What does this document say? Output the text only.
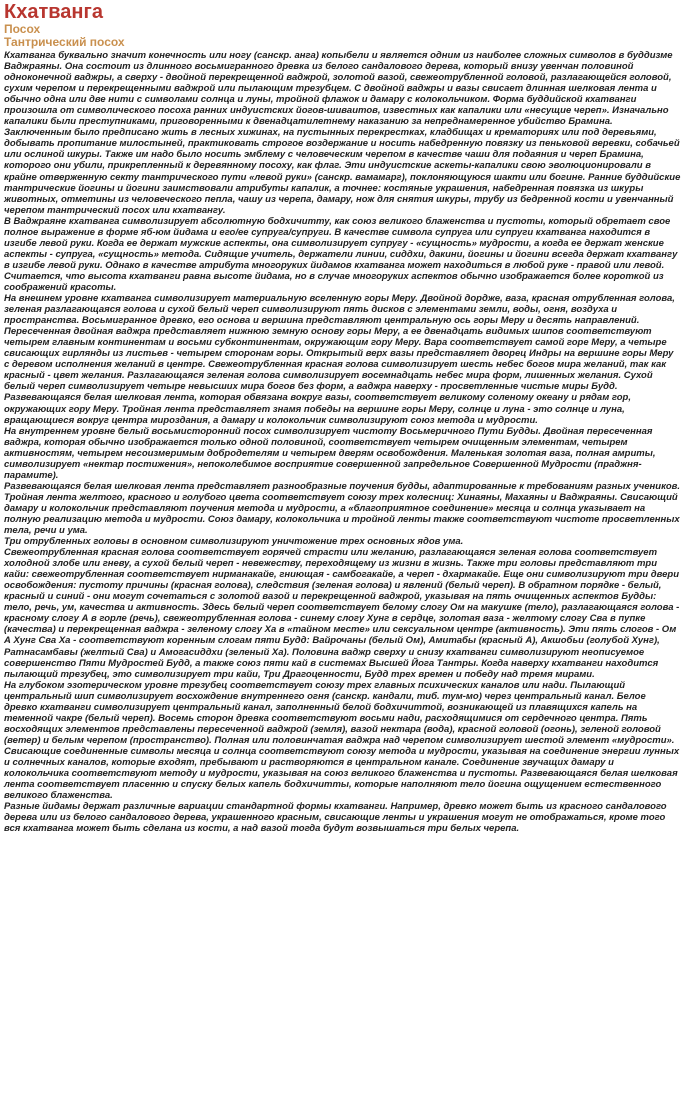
Кхатванга
Посох
Тантрический посох

Кхатванга буквально значит конечность или ногу (санскр. анга) копыбели и является одним из наиболее сложных символов в буддизме Ваджраяны. Она состоит из длинного восьмигранного древка из белого сандалового дерева, который внизу увенчан половиной одноконечной ваджры, а сверху - двойной перекрещенной ваджрой, золотой вазой, свежеотрубленной головой, разлагающейся головой, сухим черепом и перекрещенными ваджрой или пылающим трезубцем. С двойной ваджры и вазы свисает длинная шелковая лента и обычно одна или две нити с символами солнца и луны, тройной флажок и дамару с колокольчиком. Форма буддийской кхатванги произошла от символического посоха ранних индуистских йогов-шиваитов, известных как капалики или «несущие череп». Изначально капалики были преступниками, приговоренными к двенадцатилетнему наказанию за непреднамеренное убийство Брамина. Заключенным было предписано жить в лесных хижинах, на пустынных перекрестках, кладбищах и крематориях или под деревьями, добывать пропитание милостыней, практиковать строгое воздержание и носить набедренную повязку из пеньковой веревки, собачьей или ослиной шкуры. Также им надо было носить эмблему с человеческим черепом в качестве чаши для подаяния и череп Брамина, которого они убили, прикрепленный к деревянному посоху, как флаг. Эти индуистские аскеты-капалики свою эволюционировали в крайне отверженную секту тантрического пути «левой руки» (санскр. вамамарг), поклоняющуюся шакти или богине. Ранние буддийские тантрические йогины и йогини заимствовали атрибуты капалик, а точнее: костяные украшения, набедренная повязка из шкуры животных, отметины из человеческого пепла, чашу из черепа, дамару, нож для снятия шкуры, трубу из бедренной кости и увенчанный черепом тантрический посох или кхатвангу.

В Ваджраяне кхатванга символизирует абсолютную бодхичитту, как союз великого блаженства и пустоты, который обретает свое полное выражение в форме яб-юм йидама и его/ее супруга/супруги. В качестве символа супруга или супруги кхатванга находится в изгибе левой руки. Когда ее держат мужские аспекты, она символизирует супругу - «сущность» мудрости, а когда ее держат женские аспекты - супруга, «сущность» метода. Сидящие учитель, держатели линии, сиддхи, дакини, йогины и йогини всегда держат кхатвангу в изгибе левой руки. Однако в качестве атрибута многоруких йидамов кхатванга может находиться в любой руке - правой или левой. Считается, что высота кхатванги равна высоте йидама, но в случае многоруких аспектов обычно изображается более короткой из соображений красоты.

На внешнем уровне кхатванга символизирует материальную вселенную горы Меру. Двойной дордже, ваза, красная отрубленная голова, зеленая разлагающаяся голова и сухой белый череп символизируют пять дисков с элементами земли, воды, огня, воздуха и пространства. Восьмигранное древко, его основа и вершина представляют центральную ось горы Меру и десять направлений. Пересеченная двойная ваджра представляет нижнюю земную основу горы Меру, а ее двенадцать видимых шипов соответствуют четырем главным континентам и восьми субконтинентам, окружающим гору Меру. Вара соответствует самой горе Меру, а четыре свисающих гирлянды из листьев - четырем сторонам горы. Открытый верх вазы представляет дворец Индры на вершине горы Меру с деревом исполнения желаний в центре. Свежеотрубленная красная голова символизирует шесть небес богов мира желаний, так как красный - цвет желания. Разлагающаяся зеленая голова символизирует восемнадцать небес мира форм, лишенных желания. Сухой белый череп символизирует четыре невысших мира богов без форм, а ваджра наверху - просветленные чистые миры Будд. Развевающаяся белая шелковая лента, которая обвязана вокруг вазы, соответствует великому соленому океану и рядам гор, окружающих гору Меру. Тройная лента представляет знамя победы на вершине горы Меру, солнце и луна - это солнце и луна, вращающиеся вокруг центра мироздания, а дамару и колокольчик символизируют союз метода и мудрости.

На внутреннем уровне белый восьмисторонний посох символизирует чистоту Восьмеричного Пути Будды. Двойная пересеченная ваджра, которая обычно изображается только одной половиной, соответствует четырем очищенным элементам, четырем активностям, четырем несоизмеримым добродетелям и четырем дверям освобождения. Маленькая золотая ваза, полная амриты, символизирует «нектар постижения», непоколебимое восприятие совершенной запредельное Совершенной Мудрости (праджня-парамите).

Развевающаяся белая шелковая лента представляет разнообразные поучения будды, адаптированные к требованиям разных учеников. Тройная лента желтого, красного и голубого цвета соответствует союзу трех колесниц: Хинаяны, Махаяны и Ваджраяны. Свисающий дамару и колокольчик представляют поучения метода и мудрости, а «благоприятное соединение» месяца и солнца указывает на полную реализацию метода и мудрости. Союз дамару, колокольчика и тройной ленты также соответствуют чистоте просветленных тела, речи и ума.

Три отрубленных головы в основном символизируют уничтожение трех основных ядов ума.

Свежеотрубленная красная голова соответствует горячей страсти или желанию, разлагающаяся зеленая голова соответствует холодной злобе или гневу, а сухой белый череп - невежеству, переходящему из жизни в жизнь. Также три головы представляют три кайи: свежеотрубленная соответствует нирманакайе, гниющая - самбогакайе, а череп - дхармакайе. Еще они символизируют три двери освобождения: пустоту причины (красная голова), следствия (зеленая голова) и явлений (белый череп). В обратном порядке - белый, красный и синий - они могут сочетаться с золотой вазой и перекрещенной ваджрой, указывая на пять очищенных аспектов Будды: тело, речь, ум, качества и активность. Здесь белый череп соответствует белому слогу Ом на макушке (тело), разлагающаяся голова - красному слогу А в горле (речь), свежеотрубленная голова - синему слогу Хунг в сердце, золотая ваза - желтому слогу Сва в пупке (качества) и перекрещенная ваджра - зеленому слогу Ха в «тайном месте» или сексуальном центре (активность). Эти пять слогов - Ом А Хунг Сва Ха - соответствуют коренным слогам пяти Будд: Вайрочаны (белый Ом), Амитабы (красный А), Акшобьи (голубой Хунг), Ратнасамбавы (желтый Сва) и Амогасиддхи (зеленый Ха). Половина ваджр сверху и снизу кхатванги символизируют неописуемое совершенство Пяти Мудростей Будд, а также союз пяти кай в системах Высшей Йога Тантры. Когда наверху кхатванги находится пылающий трезубец, это символизирует три кайи, Три Драгоценности, Будд трех времен и победу над тремя мирами.

На глубоком эзотерическом уровне трезубец соответствует союзу трех главных психических каналов или нади. Пылающий центральный шип символизирует восхождение внутреннего огня (санскр. кандали, тиб. тум-мо) через центральный канал. Белое древко кхатванги символизирует центральный канал, заполненный белой бодхичиттой, возникающей из плавящихся капель на теменной чакре (белый череп). Восемь сторон древка соответствуют восьми нади, расходящимися от сердечного центра. Пять восходящих элементов представлены пересеченной ваджрой (земля), вазой нектара (вода), красной головой (огонь), зеленой головой (ветер) и белым черепом (пространство). Полная или половинчатая ваджра над черепом символизирует шестой элемент «мудрости». Свисающие соединенные символы месяца и солнца соответствуют союзу метода и мудрости, указывая на соединение энергии лунных и солнечных каналов, которые входят, пребывают и растворяются в центральном канале. Соединение звучащих дамару и колокольчика соответствуют методу и мудрости, указывая на союз великого блаженства и пустоты. Развевающаяся белая шелковая лента соответствует пласенню и спуску белых капель бодхичитты, которые наполняют тело йогина ощущением естественного великого блаженства.

Разные йидамы держат различные вариации стандартной формы кхатванги. Например, древко может быть из красного сандалового дерева или из белого сандалового дерева, украшенного красным, свисающие ленты и украшения могут не отображаться, кроме того вся кхатванга может быть сделана из кости, а над вазой тогда будут возвышаться три белых черепа.
